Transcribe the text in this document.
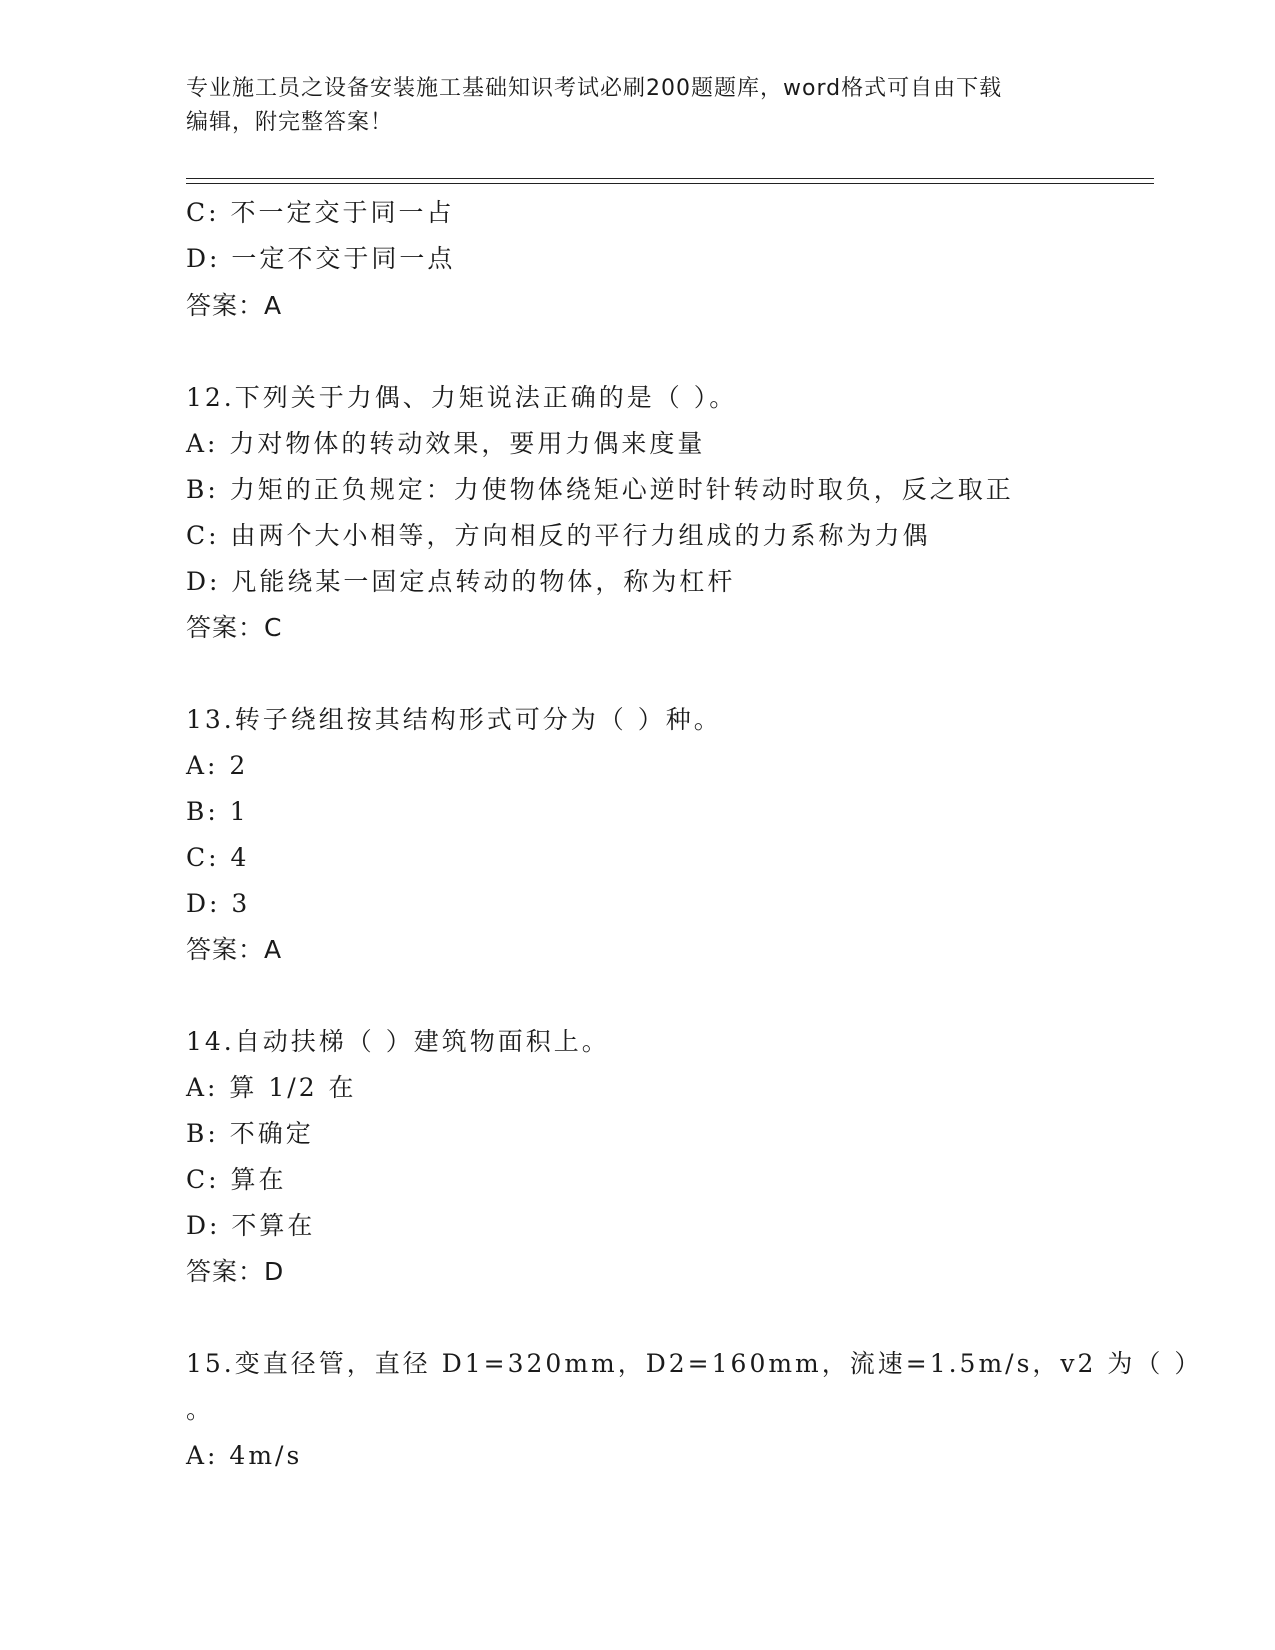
专业施工员之设备安装施工基础知识考试必刷200题题库，word格式可自由下载
编辑，附完整答案！
C: 不一定交于同一占
D: 一定不交于同一点
答案：A
12.下列关于力偶、力矩说法正确的是（ ）。
A: 力对物体的转动效果，要用力偶来度量
B: 力矩的正负规定：力使物体绕矩心逆时针转动时取负，反之取正
C: 由两个大小相等，方向相反的平行力组成的力系称为力偶
D: 凡能绕某一固定点转动的物体，称为杠杆
答案：C
13.转子绕组按其结构形式可分为（ ）种。
A: 2
B: 1
C: 4
D: 3
答案：A
14.自动扶梯（ ）建筑物面积上。
A: 算 1/2 在
B: 不确定
C: 算在
D: 不算在
答案：D
15.变直径管，直径 D1=320mm，D2=160mm，流速=1.5m/s，v2 为（ ）
。
A: 4m/s
